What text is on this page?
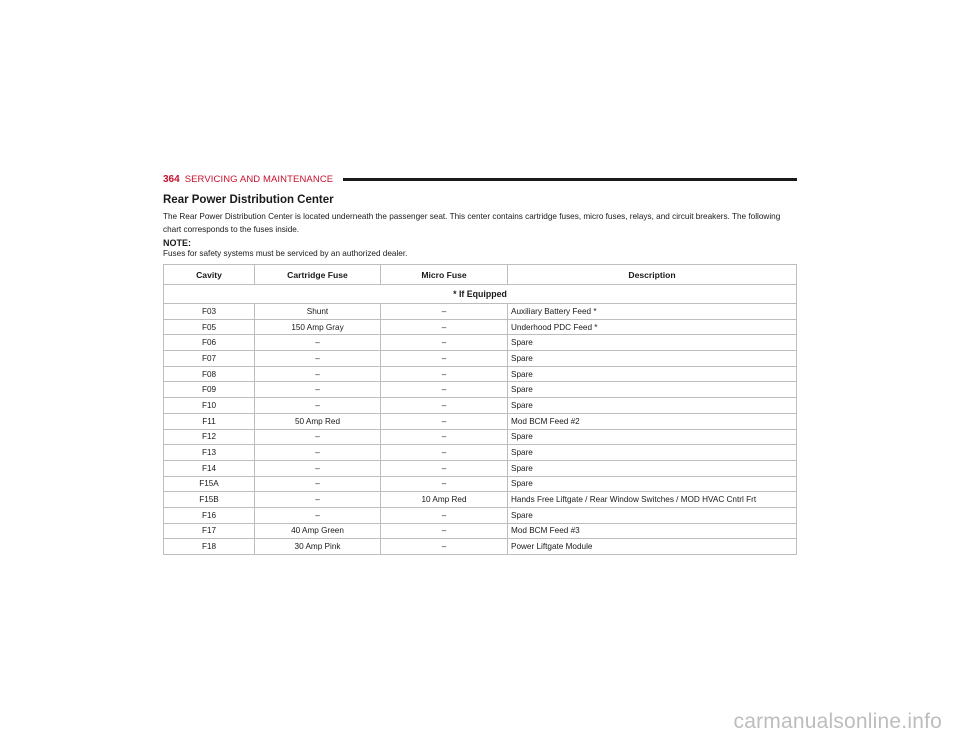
364 SERVICING AND MAINTENANCE
Rear Power Distribution Center
The Rear Power Distribution Center is located underneath the passenger seat. This center contains cartridge fuses, micro fuses, relays, and circuit breakers. The following chart corresponds to the fuses inside.
NOTE:
Fuses for safety systems must be serviced by an authorized dealer.
Cavity	Cartridge Fuse	Micro Fuse	Description
* If Equipped			
F03	Shunt	–	Auxiliary Battery Feed *
F05	150 Amp Gray	–	Underhood PDC Feed *
F06	–	–	Spare
F07	–	–	Spare
F08	–	–	Spare
F09	–	–	Spare
F10	–	–	Spare
F11	50 Amp Red	–	Mod BCM Feed #2
F12	–	–	Spare
F13	–	–	Spare
F14	–	–	Spare
F15A	–	–	Spare
F15B	–	10 Amp Red	Hands Free Liftgate / Rear Window Switches / MOD HVAC Cntrl Frt
F16	–	–	Spare
F17	40 Amp Green	–	Mod BCM Feed #3
F18	30 Amp Pink	–	Power Liftgate Module
carmanualsonline.info
